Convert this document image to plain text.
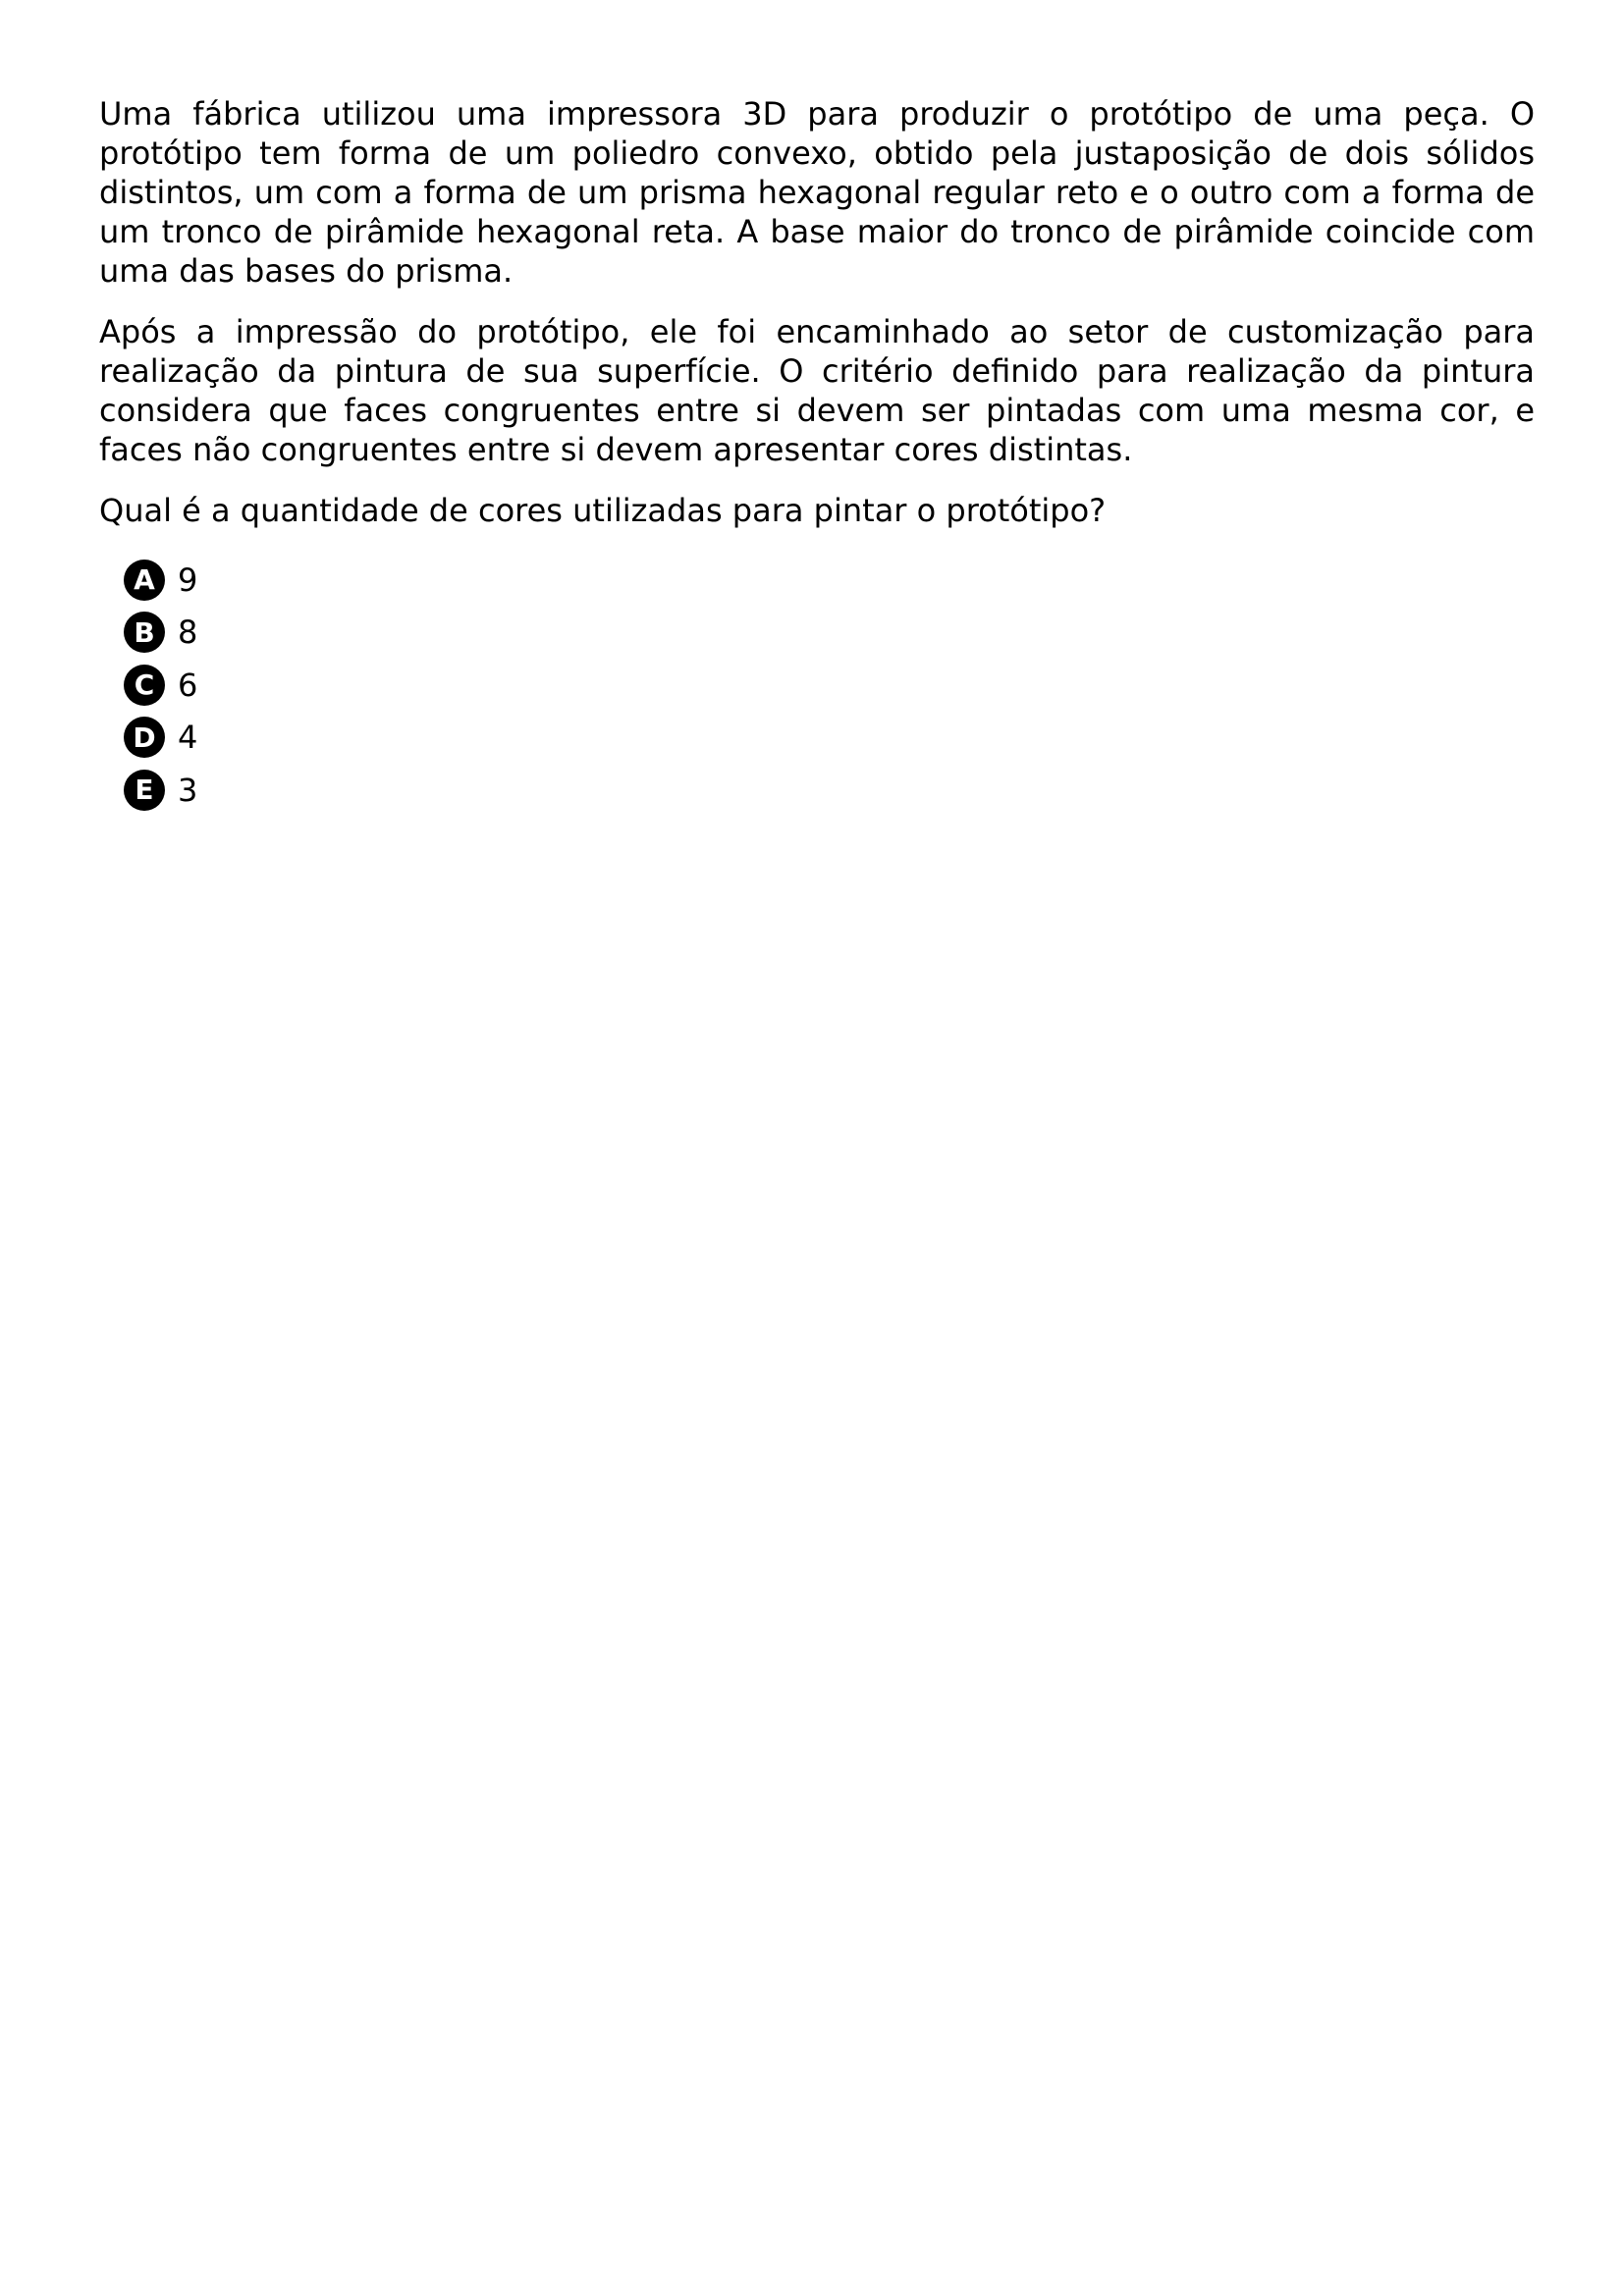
Uma fábrica utilizou uma impressora 3D para produzir o protótipo de uma peça. O protótipo tem forma de um poliedro convexo, obtido pela justaposição de dois sólidos distintos, um com a forma de um prisma hexagonal regular reto e o outro com a forma de um tronco de pirâmide hexagonal reta. A base maior do tronco de pirâmide coincide com uma das bases do prisma.

Após a impressão do protótipo, ele foi encaminhado ao setor de customização para realização da pintura de sua superfície. O critério definido para realização da pintura considera que faces congruentes entre si devem ser pintadas com uma mesma cor, e faces não congruentes entre si devem apresentar cores distintas.

Qual é a quantidade de cores utilizadas para pintar o protótipo?

A 9
B 8
C 6
D 4
E 3
